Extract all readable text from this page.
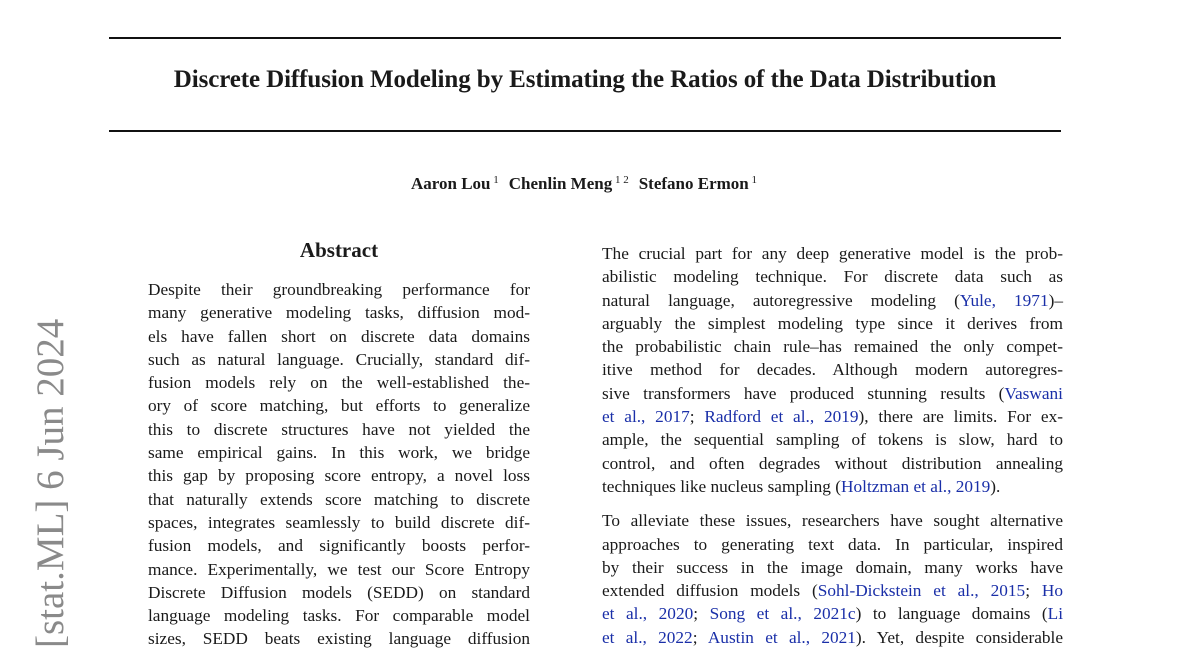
Discrete Diffusion Modeling by Estimating the Ratios of the Data Distribution
Aaron Lou $^1$ Chenlin Meng $^{1 2}$ Stefano Ermon $^1$
[stat.ML] 6 Jun 2024
Abstract
Despite their groundbreaking performance for
many generative modeling tasks, diffusion mod-
els have fallen short on discrete data domains
such as natural language. Crucially, standard dif-
fusion models rely on the well-established the-
ory of score matching, but efforts to generalize
this to discrete structures have not yielded the
same empirical gains. In this work, we bridge
this gap by proposing score entropy, a novel loss
that naturally extends score matching to discrete
spaces, integrates seamlessly to build discrete dif-
fusion models, and significantly boosts perfor-
mance. Experimentally, we test our Score Entropy
Discrete Diffusion models (SEDD) on standard
language modeling tasks. For comparable model
sizes, SEDD beats existing language diffusion
The crucial part for any deep generative model is the prob-
abilistic modeling technique. For discrete data such as
natural language, autoregressive modeling (Yule, 1971)–
arguably the simplest modeling type since it derives from
the probabilistic chain rule–has remained the only compet-
itive method for decades. Although modern autoregres-
sive transformers have produced stunning results (Vaswani
et al., 2017; Radford et al., 2019), there are limits. For ex-
ample, the sequential sampling of tokens is slow, hard to
control, and often degrades without distribution annealing
techniques like nucleus sampling (Holtzman et al., 2019).
To alleviate these issues, researchers have sought alternative
approaches to generating text data. In particular, inspired
by their success in the image domain, many works have
extended diffusion models (Sohl-Dickstein et al., 2015; Ho
et al., 2020; Song et al., 2021c) to language domains (Li
et al., 2022; Austin et al., 2021). Yet, despite considerable
